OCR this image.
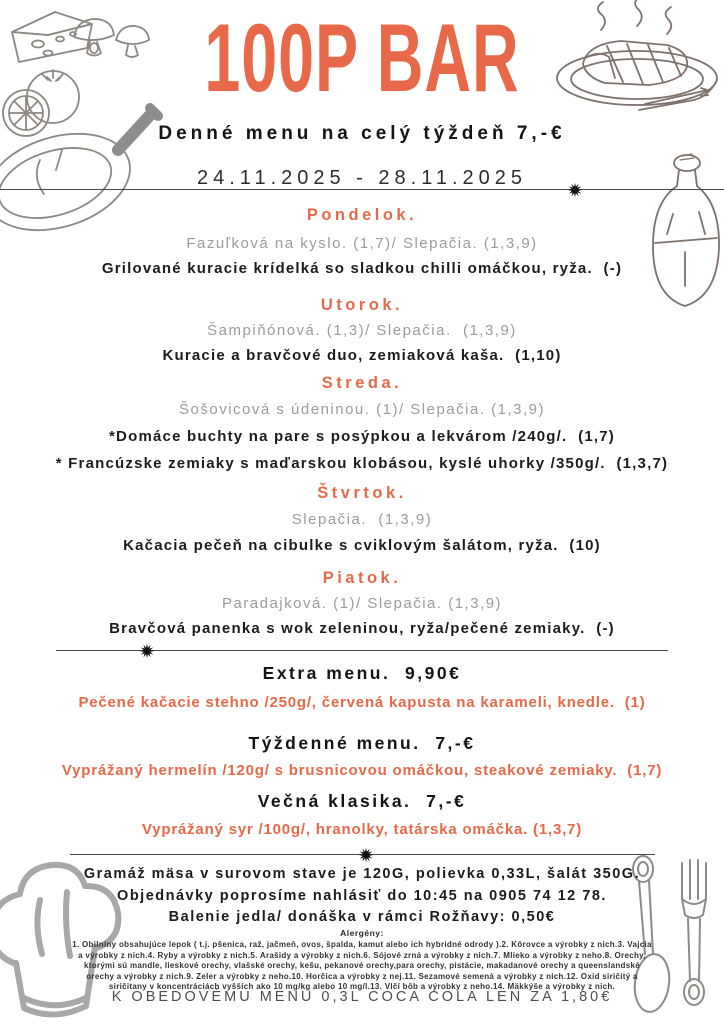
100P BAR
Denné menu na celý týždeň 7,-€
24.11.2025 - 28.11.2025
Pondelok.
Fazuľková na kyslo. (1,7)/ Slepačia. (1,3,9)
Grilované kuracie krídelká so sladkou chilli omáčkou, ryža.  (-)
Utorok.
Šampiňónová. (1,3)/ Slepačia.  (1,3,9)
Kuracie a bravčové duo, zemiaková kaša.  (1,10)
Streda.
Šošovicová s údeninou. (1)/ Slepačia. (1,3,9)
*Domáce buchty na pare s posýpkou a lekvárom /240g/.  (1,7)
* Francúzske zemiaky s maďarskou klobásou, kyslé uhorky /350g/.  (1,3,7)
Štvrtok.
Slepačia.  (1,3,9)
Kačacia pečeň na cibulke s cviklovým šalátom, ryža.  (10)
Piatok.
Paradajková. (1)/ Slepačia. (1,3,9)
Bravčová panenka s wok zeleninou, ryža/pečené zemiaky.  (-)
Extra menu.  9,90€
Pečené kačacie stehno /250g/, červená kapusta na karameli, knedle.  (1)
Týždenné menu.  7,-€
Vyprážaný hermelín /120g/ s brusnicovou omáčkou, steakové zemiaky.  (1,7)
Večná klasika.  7,-€
Vyprážaný syr /100g/, hranolky, tatárska omáčka. (1,3,7)
Gramáž mäsa v surovom stave je 120G, polievka 0,33L, šalát 350G.
Objednávky poprosíme nahlásiť do 10:45 na 0905 74 12 78.
Balenie jedla/ donáška v rámci Rožňavy: 0,50€
Alergény:
1. Obilniny obsahujúce lepok ( t.j. pšenica, raž, jačmeň, ovos, špalda, kamut alebo ich hybridné odrody ).2. Kôrovce a výrobky z nich.3. Vajcia a výrobky z nich.4. Ryby a výrobky z nich.5. Arašidy a výrobky z nich.6. Sójové zrná a výrobky z nich.7. Mlieko a výrobky z neho.8. Orechy, ktorými sú mandle, lieskové orechy, vlašské orechy, kešu, pekanové orechy,para orechy, pistácie, makadanové orechy a queenslandské orechy a výrobky z nich.9. Zeler a výrobky z neho.10. Horčica a výrobky z nej.11. Sezamové semená a výrobky z nich.12. Oxid siričitý a siričitany v koncentráciách vyšších ako 10 mg/kg alebo 10 mg/l.13. Vlčí bôb a výrobky z neho.14. Mäkkýše a výrobky z nich.
K OBEDOVÉMU MENU 0,3L COCA COLA LEN ZA 1,80€
